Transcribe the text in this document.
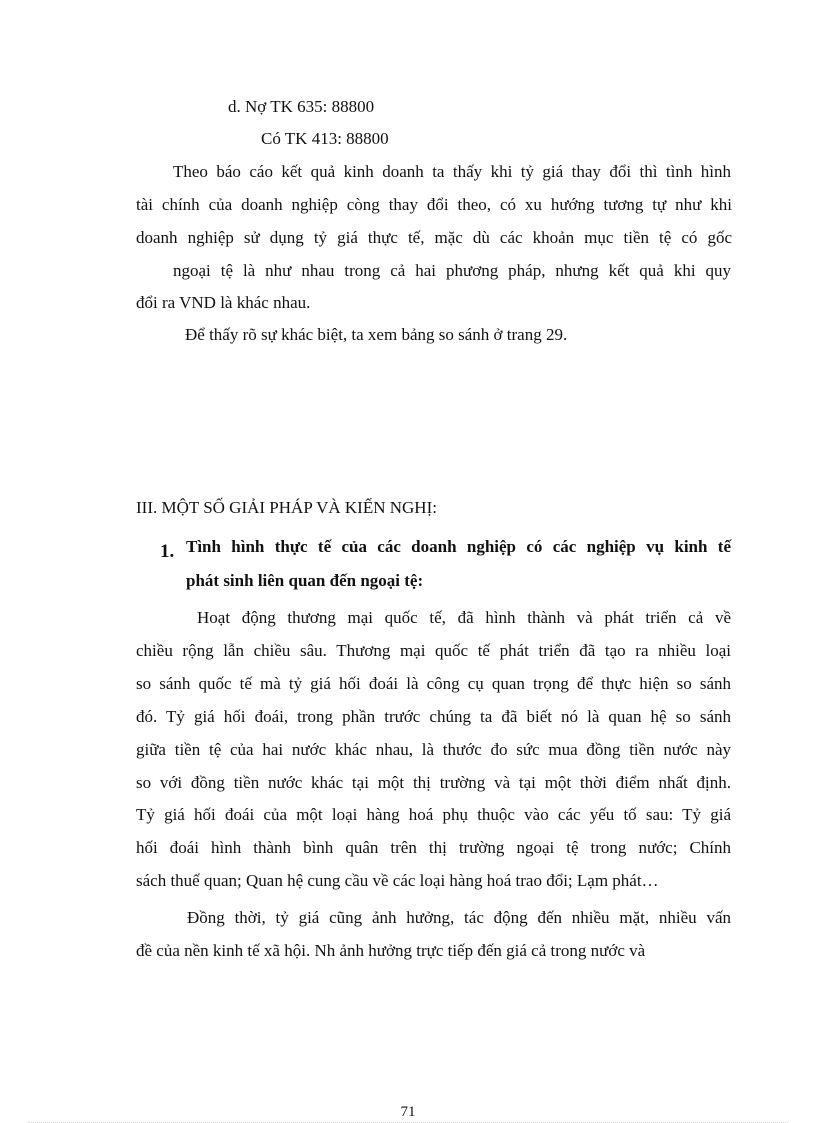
d. Nợ TK 635: 88800
Có TK 413: 88800
Theo báo cáo kết quả kinh doanh ta thấy khi tỷ giá thay đổi thì tình hình
tài chính của doanh nghiệp còng thay đổi theo, có xu hướng tương tự như khi
doanh nghiệp sử dụng tỷ giá thực tế, mặc dù các khoản mục tiền tệ có gốc
ngoại tệ là như nhau trong cả hai phương pháp, nhưng kết quả khi quy
đổi ra VND là khác nhau.
Để thấy rõ sự khác biệt, ta xem bảng so sánh ở trang 29.
III. MỘT SỐ GIẢI PHÁP VÀ KIẾN NGHỊ:
1. Tình hình thực tế của các doanh nghiệp có các nghiệp vụ kinh tế
phát sinh liên quan đến ngoại tệ:
Hoạt động thương mại quốc tế, đã hình thành và phát triển cả về
chiều rộng lẫn chiều sâu. Thương mại quốc tế phát triển đã tạo ra nhiều loại
so sánh quốc tế mà tỷ giá hối đoái là công cụ quan trọng để thực hiện so sánh
đó. Tỷ giá hối đoái, trong phần trước chúng ta đã biết nó là quan hệ so sánh
giữa tiền tệ của hai nước khác nhau, là thước đo sức mua đồng tiền nước này
so với đồng tiền nước khác tại một thị trường và tại một thời điểm nhất định.
Tỷ giá hối đoái của một loại hàng hoá phụ thuộc vào các yếu tố sau: Tỷ giá
hối đoái hình thành bình quân trên thị trường ngoại tệ trong nước; Chính
sách thuế quan; Quan hệ cung cầu về các loại hàng hoá trao đổi; Lạm phát…
Đồng thời, tỷ giá cũng ảnh hưởng, tác động đến nhiều mặt, nhiều vấn
đề của nền kinh tế xã hội. Nh ảnh hưởng trực tiếp đến giá cả trong nước và
71
